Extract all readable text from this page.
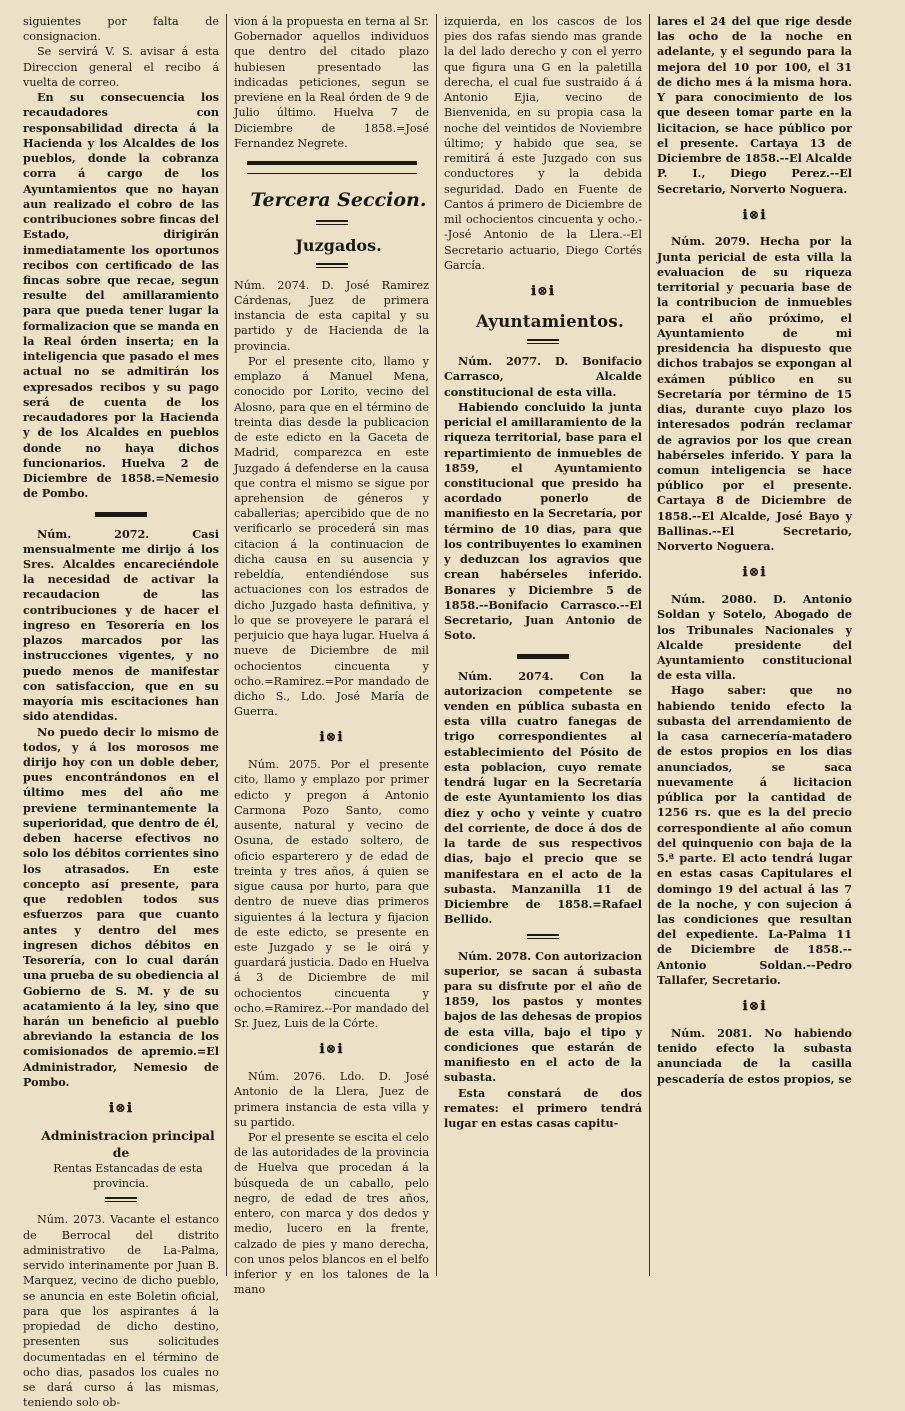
siguientes por falta de consignacion.

Se servirá V. S. avisar á esta Direccion general el recibo á vuelta de correo.

En su consecuencia los recaudadores con responsabilidad directa á la Hacienda y los Alcaldes de los pueblos, donde la cobranza corra á cargo de los Ayuntamientos que no hayan aun realizado el cobro de las contribuciones sobre fincas del Estado, dirigirán inmediatamente los oportunos recibos con certificado de las fincas sobre que recae, segun resulte del amillaramiento para que pueda tener lugar la formalizacion que se manda en la Real órden inserta; en la inteligencia que pasado el mes actual no se admitirán los expresados recibos y su pago será de cuenta de los recaudadores por la Hacienda y de los Alcaldes en pueblos donde no haya dichos funcionarios. Huelva 2 de Diciembre de 1858.=Nemesio de Pombo.

Núm. 2072.	Casi mensualmente me dirijo á los Sres. Alcaldes encareciéndole la necesidad de activar la recaudacion de las contribuciones y de hacer el ingreso en Tesorería en los plazos marcados por las instrucciones vigentes, y no puedo menos de manifestar con satisfaccion, que en su mayoría mis escitaciones han sido atendidas.

No puedo decir lo mismo de todos, y á los morosos me dirijo hoy con un doble deber, pues encontrándonos en el último mes del año me previene terminantemente la superioridad, que dentro de él, deben hacerse efectivos no solo los débitos corrientes sino los atrasados. En este concepto así presente, para que redoblen todos sus esfuerzos para que cuanto antes y dentro del mes ingresen dichos débitos en Tesorería, con lo cual darán una prueba de su obediencia al Gobierno de S. M. y de su acatamiento á la ley, sino que harán un beneficio al pueblo abreviando la estancia de los comisionados de apremio.=El Administrador, Nemesio de Pombo.

ℹ⊗ℹ

Administracion principal de

Rentas Estancadas de esta provincia.

Núm. 2073. Vacante el estanco de Berrocal del distrito administrativo de La-Palma, servido interinamente por Juan B. Marquez, vecino de dicho pueblo, se anuncia en este Boletin oficial, para que los aspirantes á la propiedad de dicho destino, presenten sus solicitudes documentadas en el término de ocho dias, pasados los cuales no se dará curso á las mismas, teniendo solo ob-

vion á la propuesta en terna al Sr. Gobernador aquellos individuos que dentro del citado plazo hubiesen presentado las indicadas peticiones, segun se previene en la Real órden de 9 de Julio último. Huelva 7 de Diciembre de 1858.=José Fernandez Negrete.

Tercera Seccion.

Juzgados.

Núm. 2074. D. José Ramirez Cárdenas, Juez de primera instancia de esta capital y su partido y de Hacienda de la provincia.

Por el presente cito, llamo y emplazo á Manuel Mena, conocido por Lorito, vecino del Alosno, para que en el término de treinta dias desde la publicacion de este edicto en la Gaceta de Madrid, comparezca en este Juzgado á defenderse en la causa que contra el mismo se sigue por aprehension de géneros y caballerias; apercibido que de no verificarlo se procederá sin mas citacion á la continuacion de dicha causa en su ausencia y rebeldía, entendiéndose sus actuaciones con los estrados de dicho Juzgado hasta definitiva, y lo que se proveyere le parará el perjuicio que haya lugar. Huelva á nueve de Diciembre de mil ochocientos cincuenta y ocho.=Ramirez.=Por mandado de dicho S., Ldo. José María de Guerra.

ℹ⊗ℹ

Núm. 2075. Por el presente cito, llamo y emplazo por primer edicto y pregon á Antonio Carmona Pozo Santo, como ausente, natural y vecino de Osuna, de estado soltero, de oficio esparterero y de edad de treinta y tres años, á quien se sigue causa por hurto, para que dentro de nueve dias primeros siguientes á la lectura y fijacion de este edicto, se presente en este Juzgado y se le oirá y guardará justicia. Dado en Huelva á 3 de Diciembre de mil ochocientos cincuenta y ocho.=Ramirez.--Por mandado del Sr. Juez, Luis de la Córte.

ℹ⊗ℹ

Núm. 2076. Ldo. D. José Antonio de la Llera, Juez de primera instancia de esta villa y su partido.

Por el presente se escita el celo de las autoridades de la provincia de Huelva que procedan á la búsqueda de un caballo, pelo negro, de edad de tres años, entero, con marca y dos dedos y medio, lucero en la frente, calzado de pies y mano derecha, con unos pelos blancos en el belfo inferior y en los talones de la mano

izquierda, en los cascos de los pies dos rafas siendo mas grande la del lado derecho y con el yerro que figura una G en la paletilla derecha, el cual fue sustraido á á Antonio Ejia, vecino de Bienvenida, en su propia casa la noche del veintidos de Noviembre último; y habido que sea, se remitirá á este Juzgado con sus conductores y la debida seguridad. Dado en Fuente de Cantos á primero de Diciembre de mil ochocientos cincuenta y ocho.--José Antonio de la Llera.--El Secretario actuario, Diego Cortés García.

ℹ⊗ℹ

Ayuntamientos.

Núm. 2077. D. Bonifacio Carrasco, Alcalde constitucional de esta villa.

Habiendo concluido la junta pericial el amillaramiento de la riqueza territorial, base para el repartimiento de inmuebles de 1859, el Ayuntamiento constitucional que presido ha acordado ponerlo de manifiesto en la Secretaría, por término de 10 dias, para que los contribuyentes lo examinen y deduzcan los agravios que crean habérseles inferido. Bonares y Diciembre 5 de 1858.--Bonifacio Carrasco.--El Secretario, Juan Antonio de Soto.

Núm. 2074. Con la autorizacion competente se venden en pública subasta en esta villa cuatro fanegas de trigo correspondientes al establecimiento del Pósito de esta poblacion, cuyo remate tendrá lugar en la Secretaría de este Ayuntamiento los dias diez y ocho y veinte y cuatro del corriente, de doce á dos de la tarde de sus respectivos dias, bajo el precio que se manifestara en el acto de la subasta. Manzanilla 11 de Diciembre de 1858.=Rafael Bellido.

Núm. 2078. Con autorizacion superior, se sacan á subasta para su disfrute por el año de 1859, los pastos y montes bajos de las dehesas de propios de esta villa, bajo el tipo y condiciones que estarán de manifiesto en el acto de la subasta.

Esta constará de dos remates: el primero tendrá lugar en estas casas capitu-

lares el 24 del que rige desde las ocho de la noche en adelante, y el segundo para la mejora del 10 por 100, el 31 de dicho mes á la misma hora. Y para conocimiento de los que deseen tomar parte en la licitacion, se hace público por el presente. Cartaya 13 de Diciembre de 1858.--El Alcalde P. I., Diego Perez.--El Secretario, Norverto Noguera.

ℹ⊗ℹ

Núm. 2079. Hecha por la Junta pericial de esta villa la evaluacion de su riqueza territorial y pecuaria base de la contribucion de inmuebles para el año próximo, el Ayuntamiento de mi presidencia ha dispuesto que dichos trabajos se expongan al exámen público en su Secretaría por término de 15 dias, durante cuyo plazo los interesados podrán reclamar de agravios por los que crean habérseles inferido. Y para la comun inteligencia se hace público por el presente. Cartaya 8 de Diciembre de 1858.--El Alcalde, José Bayo y Ballinas.--El Secretario, Norverto Noguera.

ℹ⊗ℹ

Núm. 2080. D. Antonio Soldan y Sotelo, Abogado de los Tribunales Nacionales y Alcalde presidente del Ayuntamiento constitucional de esta villa.

Hago saber: que no habiendo tenido efecto la subasta del arrendamiento de la casa carnecería-matadero de estos propios en los dias anunciados, se saca nuevamente á licitacion pública por la cantidad de 1256 rs. que es la del precio correspondiente al año comun del quinquenio con baja de la 5.ª parte. El acto tendrá lugar en estas casas Capitulares el domingo 19 del actual á las 7 de la noche, y con sujecion á las condiciones que resultan del expediente. La-Palma 11 de Diciembre de 1858.--Antonio Soldan.--Pedro Tallafer, Secretario.

ℹ⊗ℹ

Núm. 2081. No habiendo tenido efecto la subasta anunciada de la casilla pescadería de estos propios, se
